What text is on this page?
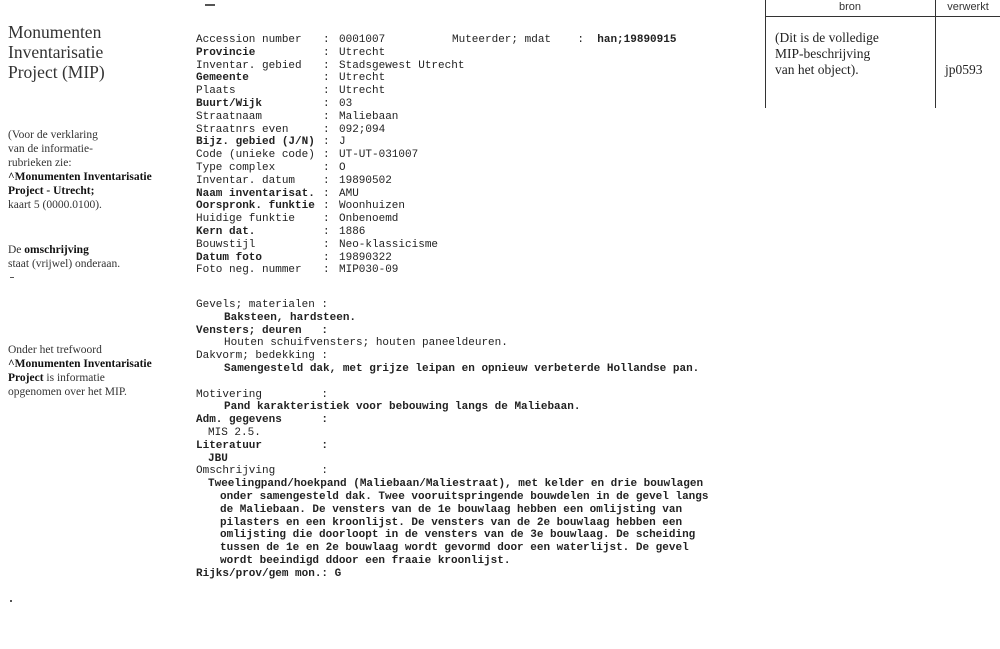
Monumenten
Inventarisatie
Project (MIP)
(Voor de verklaring
van de informatie-
rubrieken zie:
^Monumenten Inventarisatie
Project - Utrecht;
kaart 5 (0000.0100).
De omschrijving
staat (vrijwel) onderaan.
Onder het trefwoord
^Monumenten Inventarisatie
Project is informatie
opgenomen over het MIP.
bron	verwerkt
(Dit is de volledige
MIP-beschrijving
van het object).	jp0593
Accession number	: 0001007
Provincie	: Utrecht
Inventar. gebied	: Stadsgewest Utrecht
Gemeente	: Utrecht
Plaats	: Utrecht
Buurt/Wijk	: 03
Straatnaam	: Maliebaan
Straatnrs even	: 092;094
Bijz. gebied (J/N) : J
Code (unieke code) : UT-UT-031007
Type complex	: O
Inventar. datum	: 19890502
Naam inventarisat. : AMU
Oorspronk. funktie : Woonhuizen
Huidige funktie	: Onbenoemd
Kern dat.	: 1886
Bouwstijl	: Neo-klassicisme
Datum foto	: 19890322
Foto neg. nummer	: MIP030-09
Muteerder; mdat    :  han;19890915
Gevels; materialen :
Baksteen, hardsteen.
Vensters; deuren   :
Houten schuifvensters; houten paneeldeuren.
Dakvorm; bedekking :
Samengesteld dak, met grijze leipan en opnieuw verbeterde Hollandse pan.
Motivering         :
Pand karakteristiek voor bebouwing langs de Maliebaan.
Adm. gegevens      :
MIS 2.5.
Literatuur         :
JBU
Omschrijving       :
Tweelingpand/hoekpand (Maliebaan/Maliestraat), met kelder en drie bouwlagen
onder samengesteld dak. Twee vooruitspringende bouwdelen in de gevel langs
de Maliebaan. De vensters van de 1e bouwlaag hebben een omlijsting van
pilasters en een kroonlijst. De vensters van de 2e bouwlaag hebben een
omlijsting die doorloopt in de vensters van de 3e bouwlaag. De scheiding
tussen de 1e en 2e bouwlaag wordt gevormd door een waterlijst. De gevel
wordt beeindigd ddoor een fraaie kroonlijst.
Rijks/prov/gem mon.: G
